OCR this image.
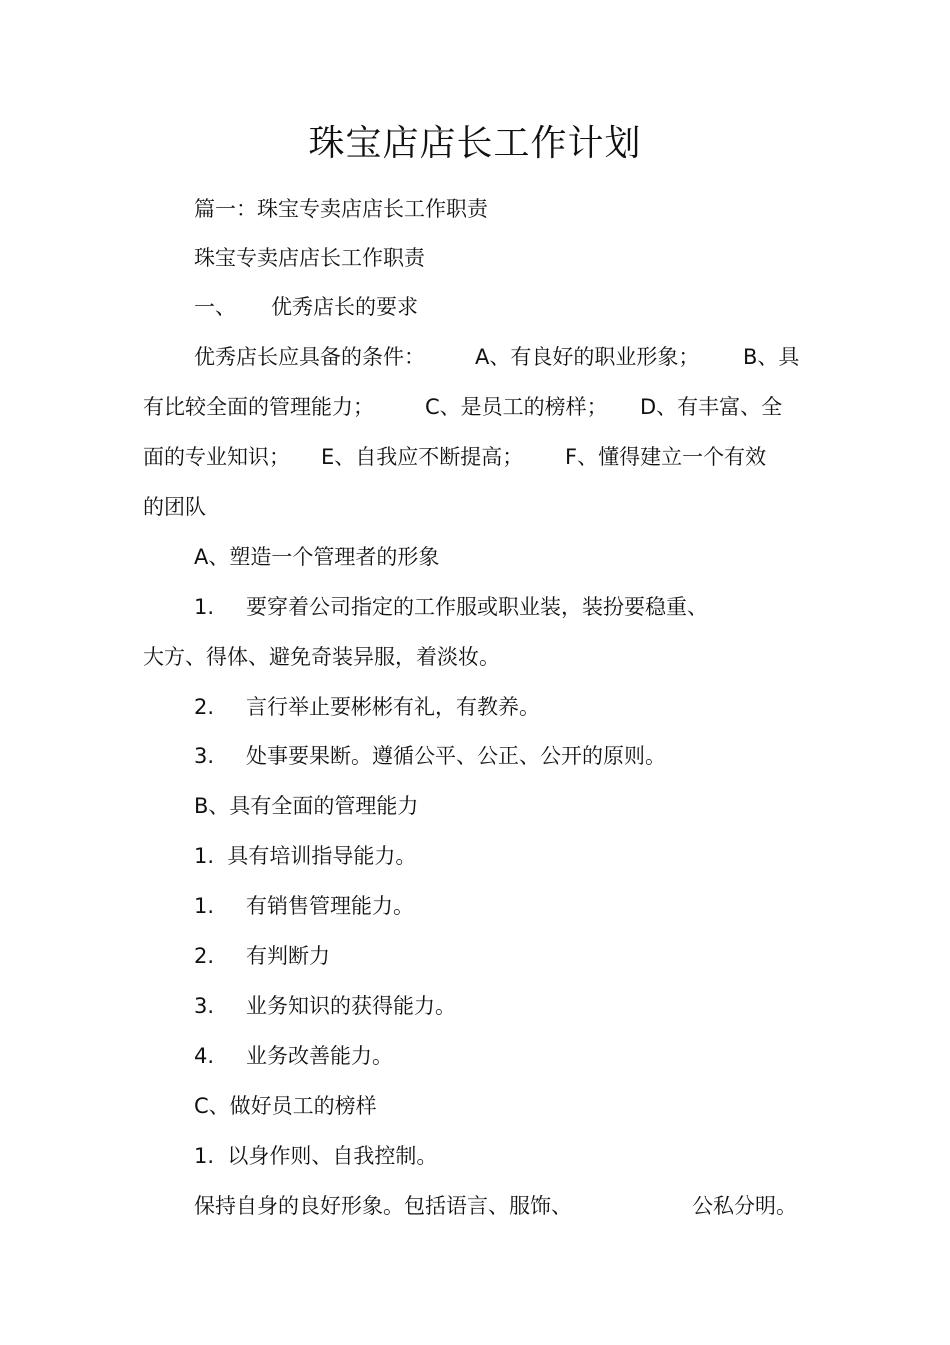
珠宝店店长工作计划
篇一：珠宝专卖店店长工作职责
珠宝专卖店店长工作职责
一、 优秀店长的要求
优秀店长应具备的条件： A、有良好的职业形象； B、具
有比较全面的管理能力； C、是员工的榜样； D、有丰富、全
面的专业知识； E、自我应不断提高； F、懂得建立一个有效
的团队
A、塑造一个管理者的形象
1. 要穿着公司指定的工作服或职业装，装扮要稳重、
大方、得体、避免奇装异服，着淡妆。
2. 言行举止要彬彬有礼，有教养。
3. 处事要果断。遵循公平、公正、公开的原则。
B、具有全面的管理能力
1.  具有培训指导能力。
1. 有销售管理能力。
2. 有判断力
3. 业务知识的获得能力。
4. 业务改善能力。
C、做好员工的榜样
1.  以身作则、自我控制。
保持自身的良好形象。包括语言、服饰、	公私分明。
